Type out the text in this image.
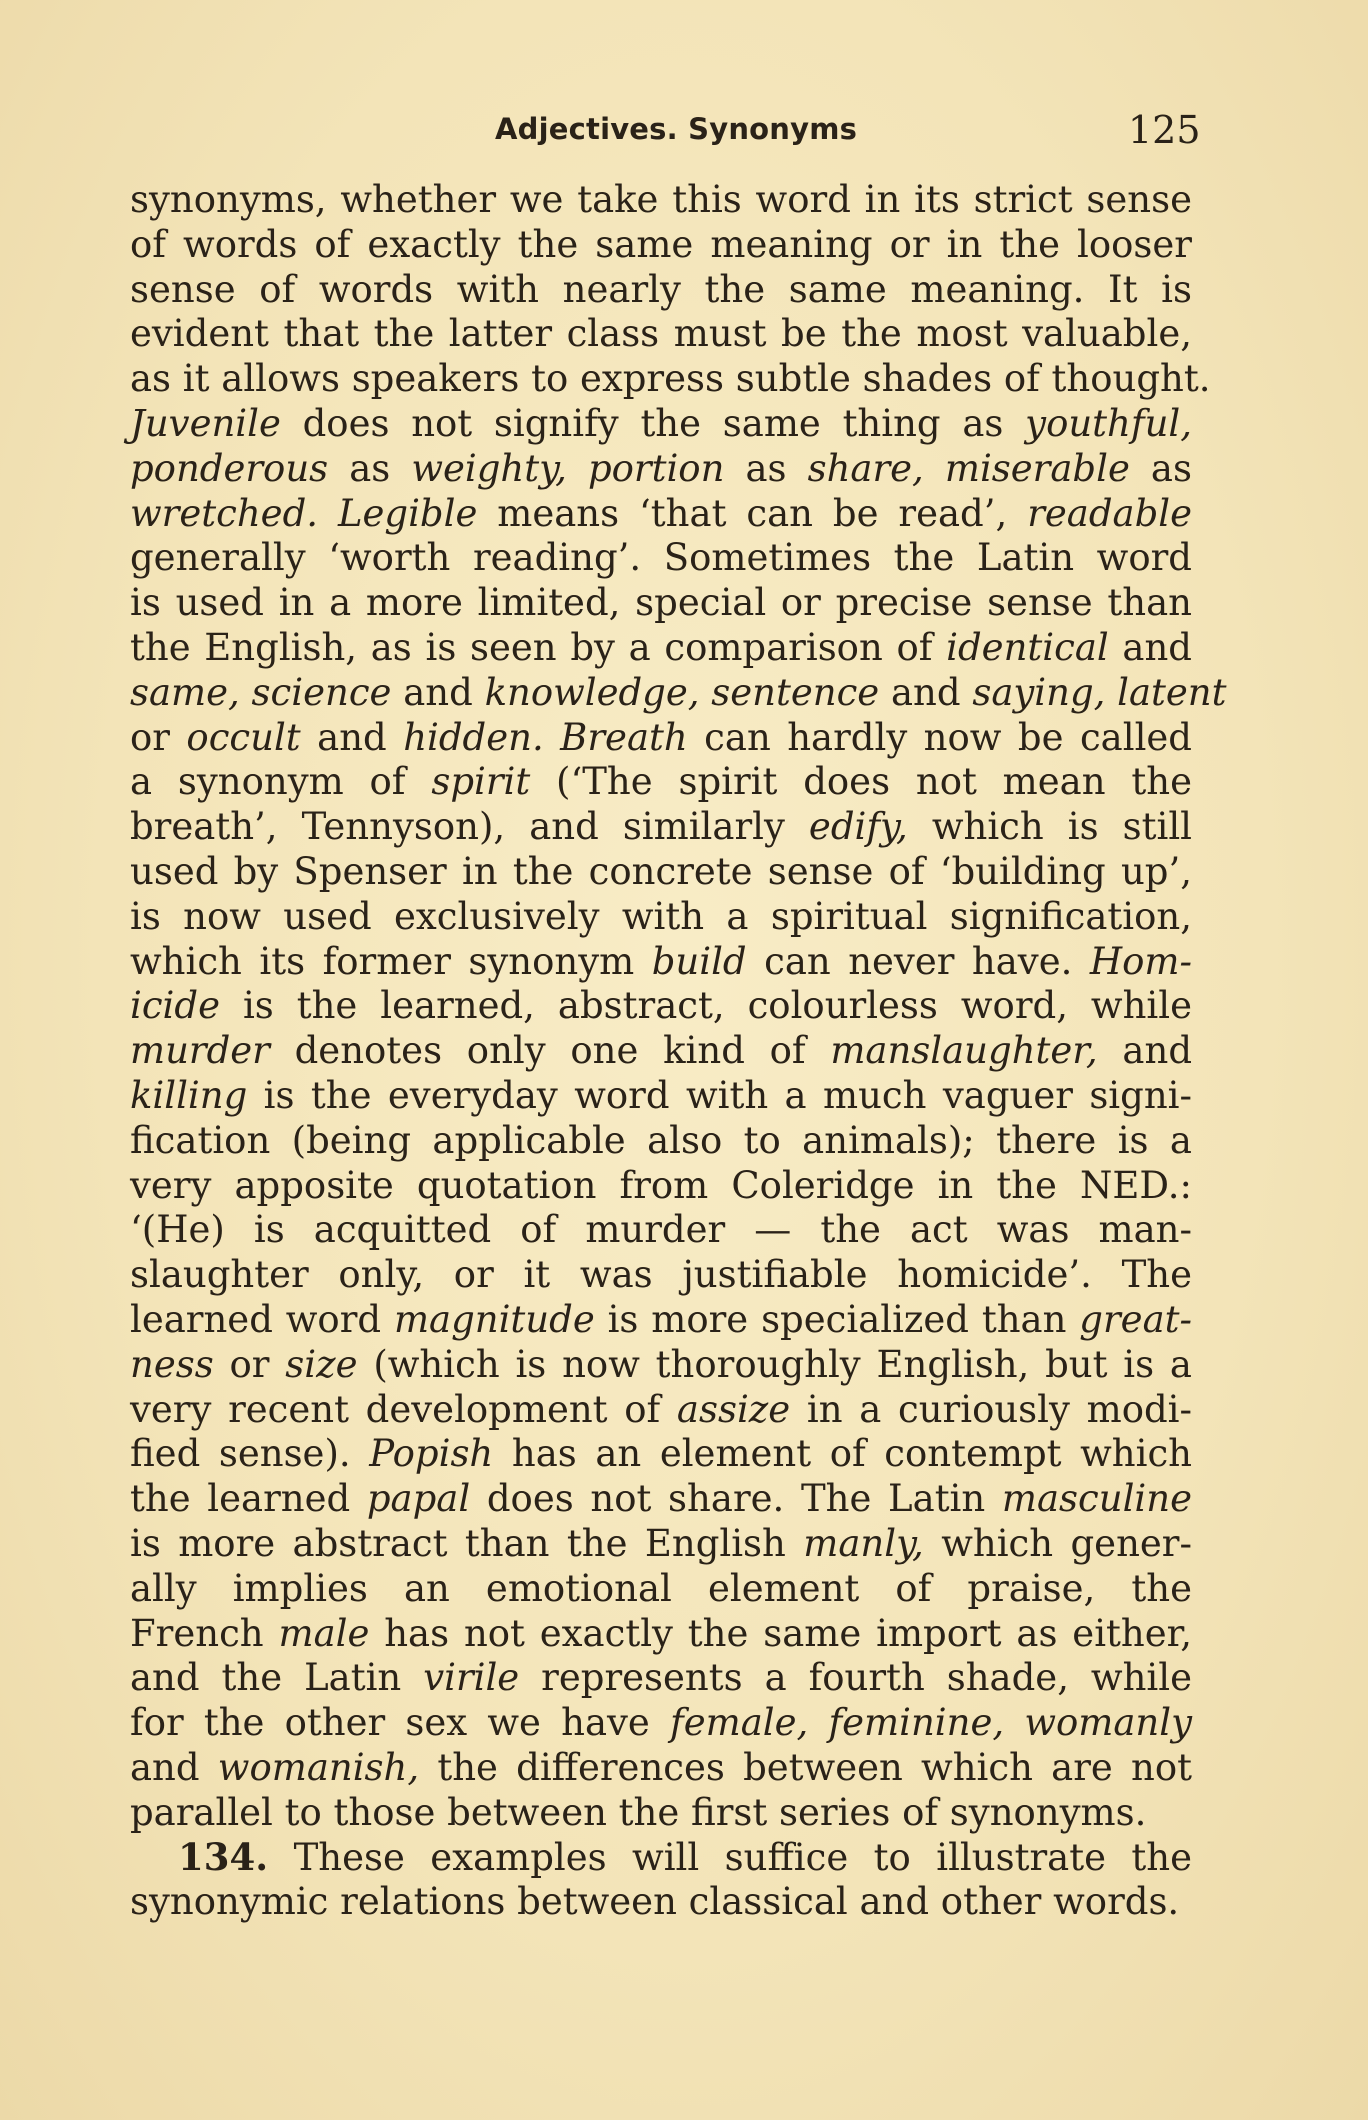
Adjectives. Synonyms	125
synonyms, whether we take this word in its strict sense
of words of exactly the same meaning or in the looser
sense of words with nearly the same meaning. It is
evident that the latter class must be the most valuable,
as it allows speakers to express subtle shades of thought.
Juvenile does not signify the same thing as youthful,
ponderous as weighty, portion as share, miserable as
wretched. Legible means ‘that can be read’, readable
generally ‘worth reading’. Sometimes the Latin word
is used in a more limited, special or precise sense than
the English, as is seen by a comparison of identical and
same, science and knowledge, sentence and saying, latent
or occult and hidden. Breath can hardly now be called
a synonym of spirit (‘The spirit does not mean the
breath’, Tennyson), and similarly edify, which is still
used by Spenser in the concrete sense of ‘building up’,
is now used exclusively with a spiritual signification,
which its former synonym build can never have. Hom-
icide is the learned, abstract, colourless word, while
murder denotes only one kind of manslaughter, and
killing is the everyday word with a much vaguer signi-
fication (being applicable also to animals); there is a
very apposite quotation from Coleridge in the NED.:
‘(He) is acquitted of murder — the act was man-
slaughter only, or it was justifiable homicide’. The
learned word magnitude is more specialized than great-
ness or size (which is now thoroughly English, but is a
very recent development of assize in a curiously modi-
fied sense). Popish has an element of contempt which
the learned papal does not share. The Latin masculine
is more abstract than the English manly, which gener-
ally implies an emotional element of praise, the
French male has not exactly the same import as either,
and the Latin virile represents a fourth shade, while
for the other sex we have female, feminine, womanly
and womanish, the differences between which are not
parallel to those between the first series of synonyms.
134. These examples will suffice to illustrate the
synonymic relations between classical and other words.
